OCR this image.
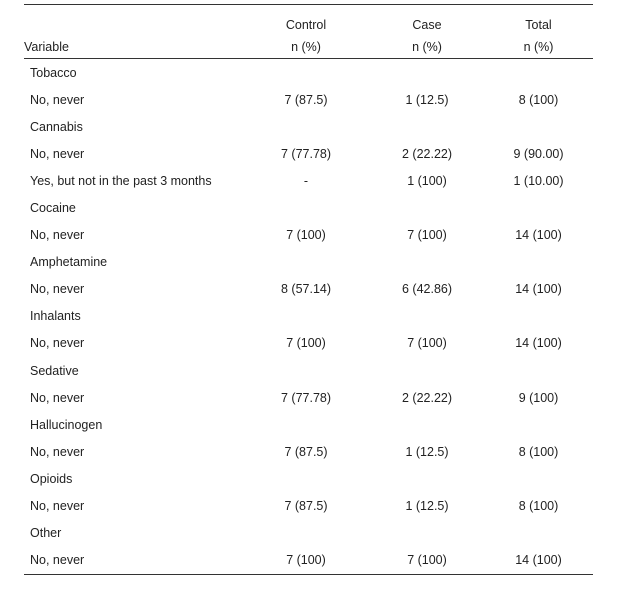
	Control	Case	Total
Variable	n (%)	n (%)	n (%)
Tobacco			
No, never	7 (87.5)	1 (12.5)	8 (100)
Cannabis			
No, never	7 (77.78)	2 (22.22)	9 (90.00)
Yes, but not in the past 3 months	-	1 (100)	1 (10.00)
Cocaine			
No, never	7 (100)	7 (100)	14 (100)
Amphetamine			
No, never	8 (57.14)	6 (42.86)	14 (100)
Inhalants			
No, never	7 (100)	7 (100)	14 (100)
Sedative			
No, never	7 (77.78)	2 (22.22)	9 (100)
Hallucinogen			
No, never	7 (87.5)	1 (12.5)	8 (100)
Opioids			
No, never	7 (87.5)	1 (12.5)	8 (100)
Other			
No, never	7 (100)	7 (100)	14 (100)
